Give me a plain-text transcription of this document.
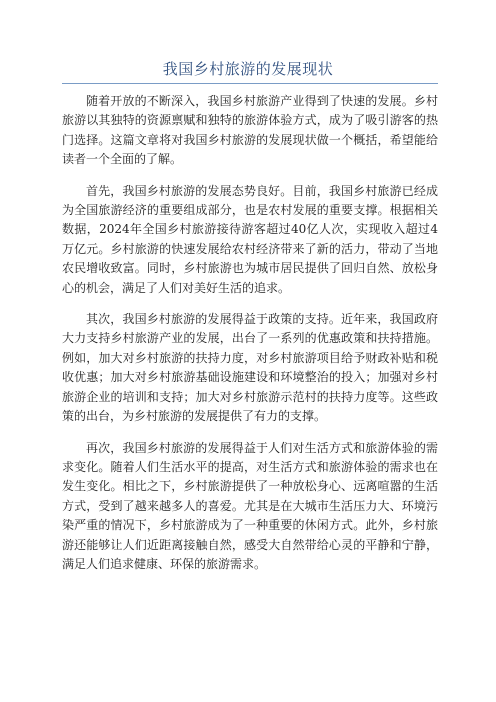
我国乡村旅游的发展现状

随着开放的不断深入，我国乡村旅游产业得到了快速的发展。乡村旅游以其独特的资源禀赋和独特的旅游体验方式，成为了吸引游客的热门选择。这篇文章将对我国乡村旅游的发展现状做一个概括，希望能给读者一个全面的了解。

首先，我国乡村旅游的发展态势良好。目前，我国乡村旅游已经成为全国旅游经济的重要组成部分，也是农村发展的重要支撑。根据相关数据，2024年全国乡村旅游接待游客超过40亿人次，实现收入超过4万亿元。乡村旅游的快速发展给农村经济带来了新的活力，带动了当地农民增收致富。同时，乡村旅游也为城市居民提供了回归自然、放松身心的机会，满足了人们对美好生活的追求。

其次，我国乡村旅游的发展得益于政策的支持。近年来，我国政府大力支持乡村旅游产业的发展，出台了一系列的优惠政策和扶持措施。例如，加大对乡村旅游的扶持力度，对乡村旅游项目给予财政补贴和税收优惠；加大对乡村旅游基础设施建设和环境整治的投入；加强对乡村旅游企业的培训和支持；加大对乡村旅游示范村的扶持力度等。这些政策的出台，为乡村旅游的发展提供了有力的支撑。

再次，我国乡村旅游的发展得益于人们对生活方式和旅游体验的需求变化。随着人们生活水平的提高，对生活方式和旅游体验的需求也在发生变化。相比之下，乡村旅游提供了一种放松身心、远离喧嚣的生活方式，受到了越来越多人的喜爱。尤其是在大城市生活压力大、环境污染严重的情况下，乡村旅游成为了一种重要的休闲方式。此外，乡村旅游还能够让人们近距离接触自然，感受大自然带给心灵的平静和宁静，满足人们追求健康、环保的旅游需求。
